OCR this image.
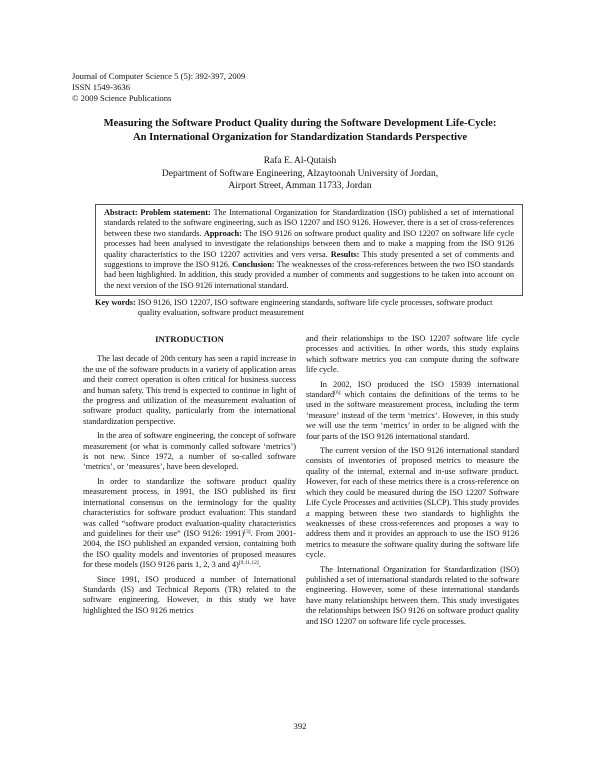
Journal of Computer Science 5 (5): 392-397, 2009
ISSN 1549-3636
© 2009 Science Publications
Measuring the Software Product Quality during the Software Development Life-Cycle:
An International Organization for Standardization Standards Perspective
Rafa E. Al-Qutaish
Department of Software Engineering, Alzaytoonah University of Jordan,
Airport Street, Amman 11733, Jordan
Abstract: Problem statement: The International Organization for Standardization (ISO) published a set of international standards related to the software engineering, such as ISO 12207 and ISO 9126. However, there is a set of cross-references between these two standards. Approach: The ISO 9126 on software product quality and ISO 12207 on software life cycle processes had been analysed to investigate the relationships between them and to make a mapping from the ISO 9126 quality characteristics to the ISO 12207 activities and vers versa. Results: This study presented a set of comments and suggestions to improve the ISO 9126. Conclusion: The weaknesses of the cross-references between the two ISO standards had been highlighted. In addition, this study provided a number of comments and suggestions to be taken into account on the next version of the ISO 9126 international standard.
Key words: ISO 9126, ISO 12207, ISO software engineering standards, software life cycle processes, software product quality evaluation, software product measurement
INTRODUCTION

The last decade of 20th century has seen a rapid increase in the use of the software products in a variety of application areas and their correct operation is often critical for business success and human safety. This trend is expected to continue in light of the progress and utilization of the measurement evaluation of software product quality, particularly from the international standardization perspective.

In the area of software engineering, the concept of software measurement (or what is commonly called software ‘metrics’) is not new. Since 1972, a number of so-called software ‘metrics’, or ‘measures’, have been developed.

In order to standardize the software product quality measurement process, in 1991, the ISO published its first international consensus on the terminology for the quality characteristics for software product evaluation: This standard was called “software product evaluation-quality characteristics and guidelines for their use” (ISO 9126: 1991)[3]. From 2001-2004, the ISO published an expanded version, containing both the ISO quality models and inventories of proposed measures for these models (ISO 9126 parts 1, 2, 3 and 4)[9,11,12].

Since 1991, ISO produced a number of International Standards (IS) and Technical Reports (TR) related to the software engineering. However, in this study we have highlighted the ISO 9126 metrics

and their relationships to the ISO 12207 software life cycle processes and activities. In other words, this study explains which software metrics you can compute during the software life cycle.

In 2002, ISO produced the ISO 15939 international standard[6] which contains the definitions of the terms to be used in the software measurement process, including the term ‘measure’ instead of the term ‘metrics’. However, in this study we will use the term ‘metrics’ in order to be aligned with the four parts of the ISO 9126 international standard.

The current version of the ISO 9126 international standard consists of inventories of proposed metrics to measure the quality of the internal, external and in-use software product. However, for each of these metrics there is a cross-reference on which they could be measured during the ISO 12207 Software Life Cycle Processes and activities (SLCP). This study provides a mapping between these two standards to highlights the weaknesses of these cross-references and proposes a way to address them and it provides an approach to use the ISO 9126 metrics to measure the software quality during the software life cycle.

The International Organization for Standardization (ISO) published a set of international standards related to the software engineering. However, some of these international standards have many relationships between them. This study investigates the relationships between ISO 9126 on software product quality and ISO 12207 on software life cycle processes.

392
